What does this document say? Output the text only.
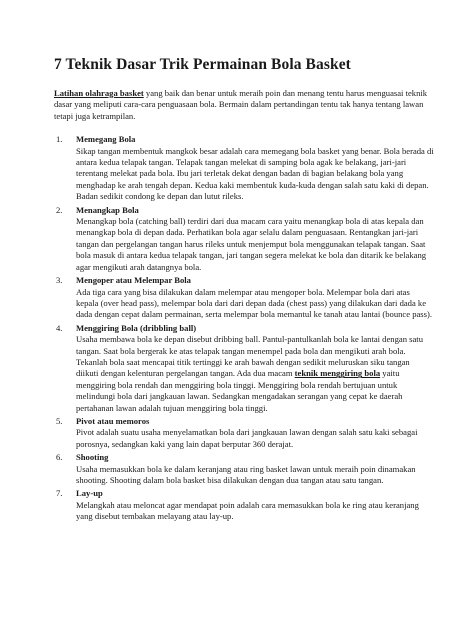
7 Teknik Dasar Trik Permainan Bola Basket

Latihan olahraga basket yang baik dan benar untuk meraih poin dan menang tentu harus menguasai teknik dasar yang meliputi cara-cara penguasaan bola. Bermain dalam pertandingan tentu tak hanya tentang lawan tetapi juga ketrampilan.

1.	Memegang Bola
Sikap tangan membentuk mangkok besar adalah cara memegang bola basket yang benar. Bola berada di antara kedua telapak tangan. Telapak tangan melekat di samping bola agak ke belakang, jari-jari terentang melekat pada bola. Ibu jari terletak dekat dengan badan di bagian belakang bola yang menghadap ke arah tengah depan. Kedua kaki membentuk kuda-kuda dengan salah satu kaki di depan. Badan sedikit condong ke depan dan lutut rileks.
2.	Menangkap Bola
Menangkap bola (catching ball) terdiri dari dua macam cara yaitu menangkap bola di atas kepala dan menangkap bola di depan dada. Perhatikan bola agar selalu dalam penguasaan. Rentangkan jari-jari tangan dan pergelangan tangan harus rileks untuk menjemput bola menggunakan telapak tangan. Saat bola masuk di antara kedua telapak tangan, jari tangan segera melekat ke bola dan ditarik ke belakang agar mengikuti arah datangnya bola.
3.	Mengoper atau Melempar Bola
Ada tiga cara yang bisa dilakukan dalam melempar atau mengoper bola. Melempar bola dari atas kepala (over head pass), melempar bola dari dari depan dada (chest pass) yang dilakukan dari dada ke dada dengan cepat dalam permainan, serta melempar bola memantul ke tanah atau lantai (bounce pass).
4.	Menggiring Bola (dribbling ball)
Usaha membawa bola ke depan disebut dribbing ball. Pantul-pantulkanlah bola ke lantai dengan satu tangan. Saat bola bergerak ke atas telapak tangan menempel pada bola dan mengikuti arah bola. Tekanlah bola saat mencapai titik tertinggi ke arah bawah dengan sedikit meluruskan siku tangan diikuti dengan kelenturan pergelangan tangan. Ada dua macam teknik menggiring bola yaitu menggiring bola rendah dan menggiring bola tinggi. Menggiring bola rendah bertujuan untuk melindungi bola dari jangkauan lawan. Sedangkan mengadakan serangan yang cepat ke daerah pertahanan lawan adalah tujuan menggiring bola tinggi.
5.	Pivot atau memoros
Pivot adalah suatu usaha menyelamatkan bola dari jangkauan lawan dengan salah satu kaki sebagai porosnya, sedangkan kaki yang lain dapat berputar 360 derajat.
6.	Shooting
Usaha memasukkan bola ke dalam keranjang atau ring basket lawan untuk meraih poin dinamakan shooting. Shooting dalam bola basket bisa dilakukan dengan dua tangan atau satu tangan.
7.	Lay-up
Melangkah atau meloncat agar mendapat poin adalah cara memasukkan bola ke ring atau keranjang yang disebut tembakan melayang atau lay-up.
